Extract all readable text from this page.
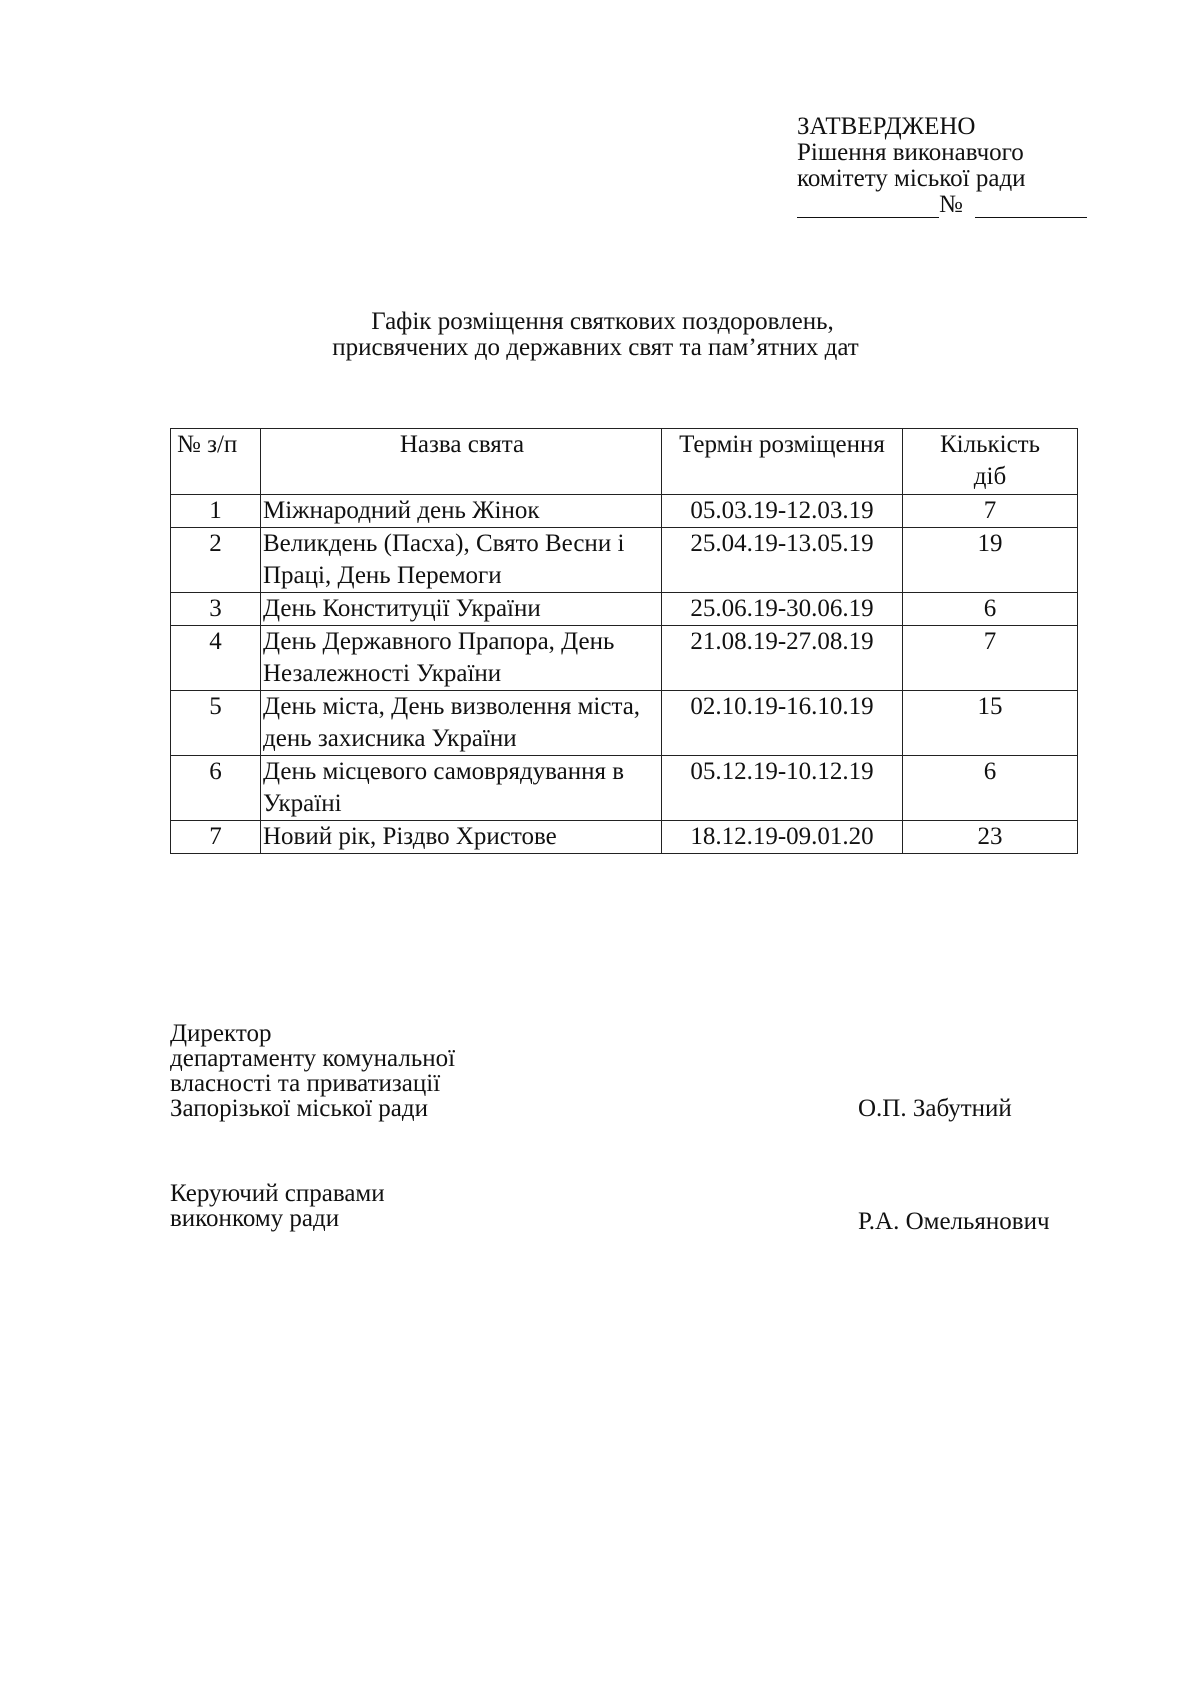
ЗАТВЕРДЖЕНО
Рішення виконавчого
комітету міської ради
№
Гафік розміщення святкових поздоровлень,
присвячених до державних свят та пам’ятних дат
№ з/п	Назва свята	Термін розміщення	Кількість
діб

1	Міжнародний день Жінок	05.03.19-12.03.19	7
2	Великдень (Пасха), Свято Весни і Праці, День Перемоги	25.04.19-13.05.19	19
3	День Конституції України	25.06.19-30.06.19	6
4	День Державного Прапора, День Незалежності України	21.08.19-27.08.19	7
5	День міста, День визволення міста, день захисника України	02.10.19-16.10.19	15
6	День місцевого самоврядування в Україні	05.12.19-10.12.19	6
7	Новий рік, Різдво Христове	18.12.19-09.01.20	23
Директор
департаменту комунальної
власності та приватизації
Запорізької міської ради	О.П. Забутний
Керуючий справами
виконкому ради	Р.А. Омельянович
